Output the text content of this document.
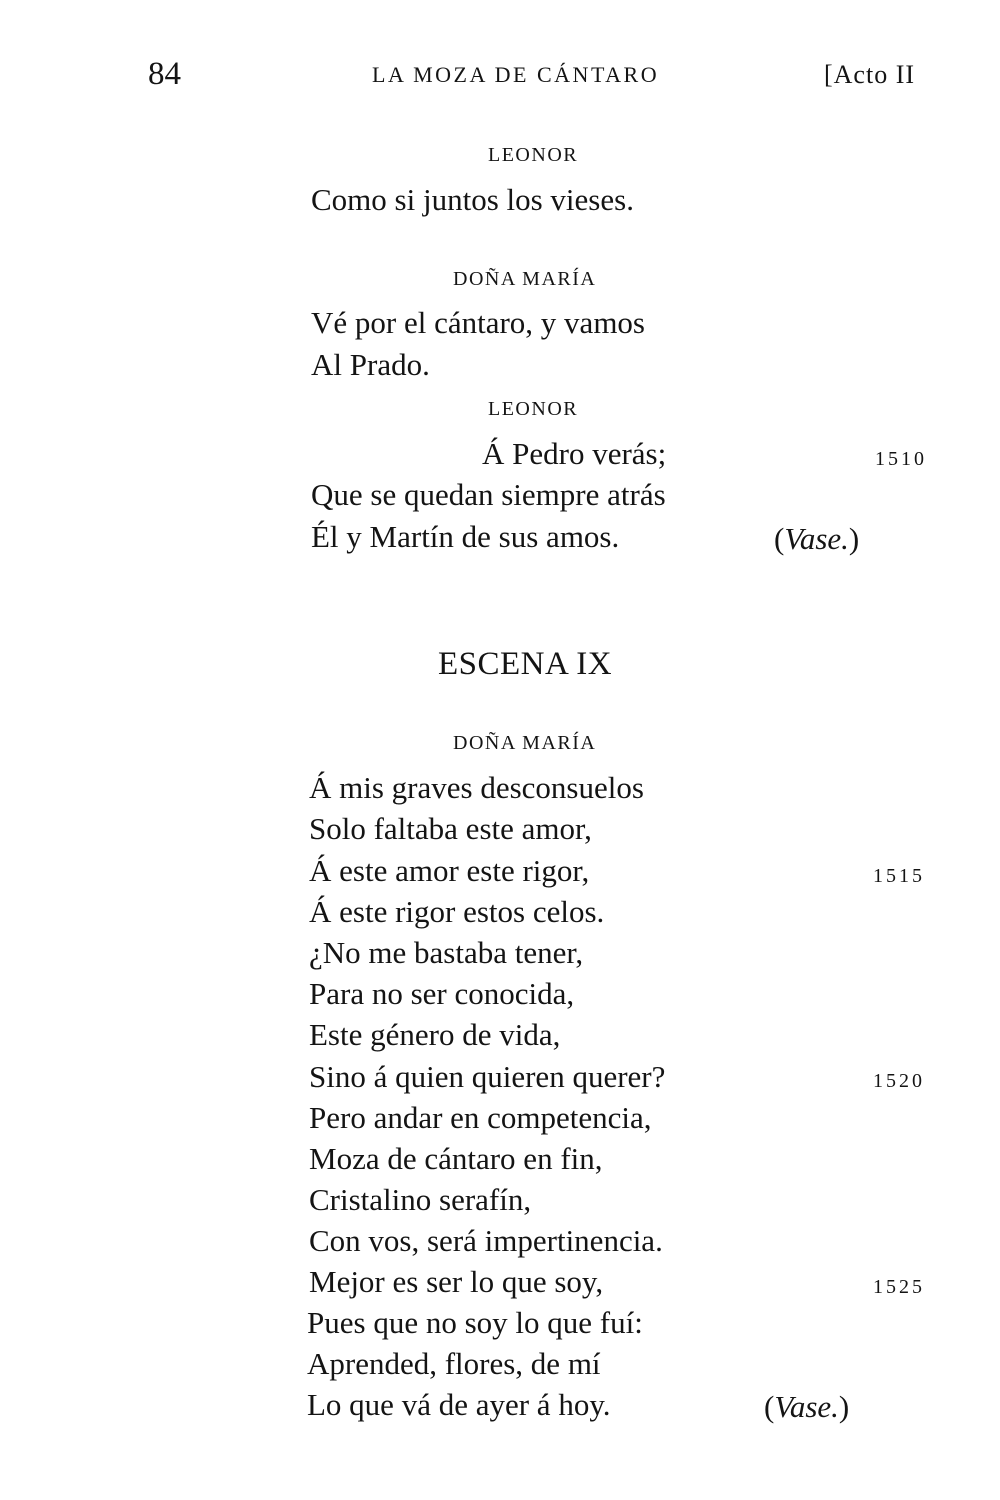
84	LA MOZA DE CÁNTARO	[Acto II
LEONOR
Como si juntos los vieses.
DOÑA MARÍA
Vé por el cántaro, y vamos
Al Prado.
LEONOR
Á Pedro verás;	1510
Que se quedan siempre atrás
Él y Martín de sus amos.	(Vase.)
ESCENA IX
DOÑA MARÍA
Á mis graves desconsuelos
Solo faltaba este amor,
Á este amor este rigor,	1515
Á este rigor estos celos.
¿No me bastaba tener,
Para no ser conocida,
Este género de vida,
Sino á quien quieren querer?	1520
Pero andar en competencia,
Moza de cántaro en fin,
Cristalino serafín,
Con vos, será impertinencia.
Mejor es ser lo que soy,	1525
Pues que no soy lo que fuí:
Aprended, flores, de mí
Lo que vá de ayer á hoy.	(Vase.)
